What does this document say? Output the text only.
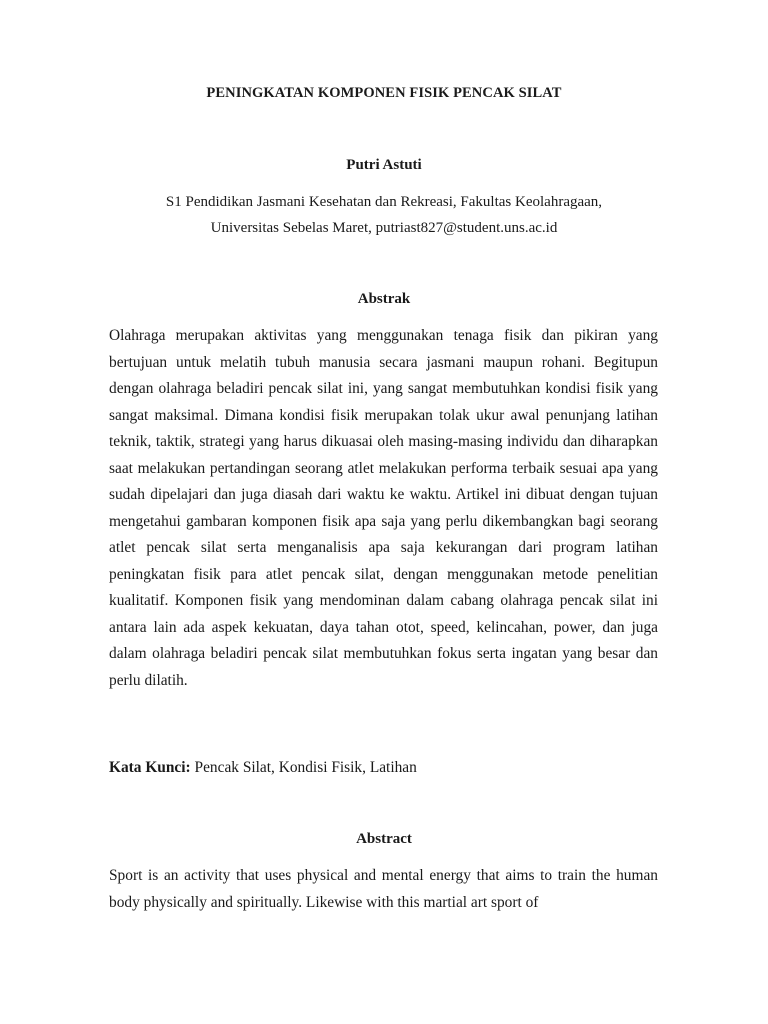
PENINGKATAN KOMPONEN FISIK PENCAK SILAT
Putri Astuti
S1 Pendidikan Jasmani Kesehatan dan Rekreasi, Fakultas Keolahragaan,
Universitas Sebelas Maret, putriast827@student.uns.ac.id
Abstrak

Olahraga merupakan aktivitas yang menggunakan tenaga fisik dan pikiran yang bertujuan untuk melatih tubuh manusia secara jasmani maupun rohani. Begitupun dengan olahraga beladiri pencak silat ini, yang sangat membutuhkan kondisi fisik yang sangat maksimal. Dimana kondisi fisik merupakan tolak ukur awal penunjang latihan teknik, taktik, strategi yang harus dikuasai oleh masing-masing individu dan diharapkan saat melakukan pertandingan seorang atlet melakukan performa terbaik sesuai apa yang sudah dipelajari dan juga diasah dari waktu ke waktu. Artikel ini dibuat dengan tujuan mengetahui gambaran komponen fisik apa saja yang perlu dikembangkan bagi seorang atlet pencak silat serta menganalisis apa saja kekurangan dari program latihan peningkatan fisik para atlet pencak silat, dengan menggunakan metode penelitian kualitatif. Komponen fisik yang mendominan dalam cabang olahraga pencak silat ini antara lain ada aspek kekuatan, daya tahan otot, speed, kelincahan, power, dan juga dalam olahraga beladiri pencak silat membutuhkan fokus serta ingatan yang besar dan perlu dilatih.

Kata Kunci: Pencak Silat, Kondisi Fisik, Latihan
Abstract

Sport is an activity that uses physical and mental energy that aims to train the human body physically and spiritually. Likewise with this martial art sport of
